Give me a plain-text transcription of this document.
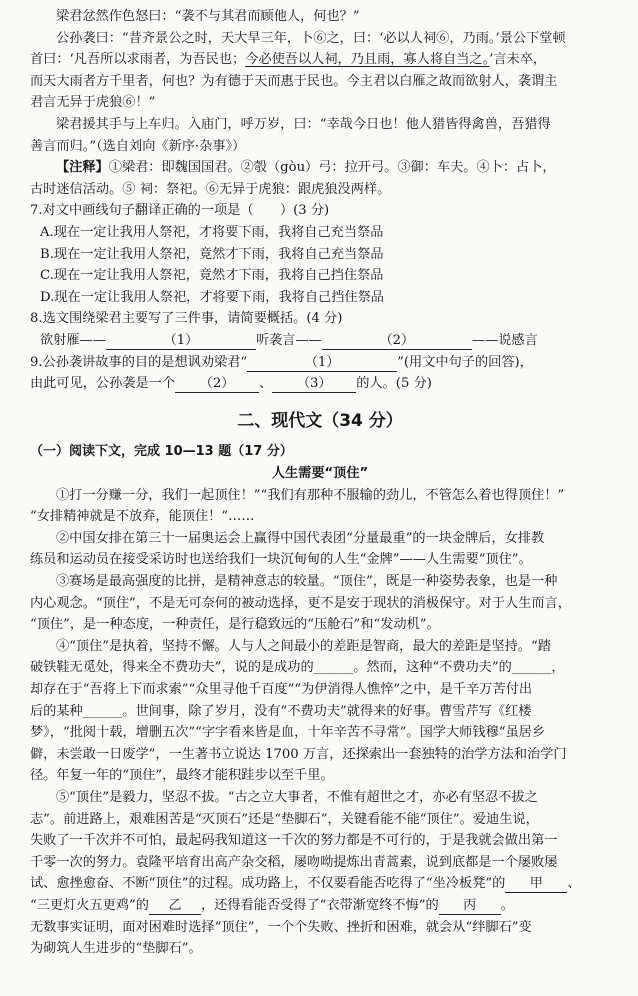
梁君忿然作色怒曰：“袭不与其君而顾他人，何也？”
公孙袭曰：“昔齐景公之时，天大旱三年，卜⑥之，曰：‘必以人祠⑥，乃雨。’景公下堂顿
首曰：‘凡吾所以求雨者，为吾民也；今必使吾以人祠，乃且雨，寡人将自当之。’言未卒，
而天大雨者方千里者，何也？为有德于天而惠于民也。今主君以白雁之故而欲射人，袭谓主
君言无异于虎狼⑥！”
梁君援其手与上车归。入庙门，呼万岁，曰：“幸哉今日也！他人猎皆得禽兽，吾猎得
善言而归。”（选自刘向《新序·杂事》）
【注释】①梁君：即魏国国君。②彀（gòu）弓：拉开弓。③御：车夫。④卜：占卜，
古时迷信活动。⑤ 祠：祭祀。⑥无异于虎狼：跟虎狼没两样。
7.对文中画线句子翻译正确的一项是（　　）(3 分)
A.现在一定让我用人祭祀，才将要下雨，我将自己充当祭品
B.现在一定让我用人祭祀，竟然才下雨，我将自己充当祭品
C.现在一定让我用人祭祀，竟然才下雨，我将自己挡住祭品
D.现在一定让我用人祭祀，才将要下雨，我将自己挡住祭品
8.选文围绕梁君主要写了三件事，请简要概括。(4 分)
欲射雁——	（1）	听袭言——	（2）	——说感言
9.公孙袭讲故事的目的是想讽劝梁君“	（1）	”(用文中句子的回答)，
由此可见，公孙袭是一个 （2） 、 （3） 的人。(5 分)
二、现代文（34 分）
（一）阅读下文，完成 10—13 题（17 分）
人生需要“顶住”
①打一分赚一分，我们一起顶住！”“我们有那种不服输的劲儿，不管怎么着也得顶住！”
“女排精神就是不放弃，能顶住！”……
②中国女排在第三十一届奥运会上赢得中国代表团“分量最重”的一块金牌后，女排教
练员和运动员在接受采访时也送给我们一块沉甸甸的人生“金牌”——人生需要“顶住”。
③赛场是最高强度的比拼，是精神意志的较量。“顶住”，既是一种姿势表象，也是一种
内心观念。“顶住”，不是无可奈何的被动选择，更不是安于现状的消极保守。对于人生而言，
“顶住”，是一种态度，一种责任，是行稳致远的“压舱石”和“发动机”。
④“顶住”是执着，坚持不懈。人与人之间最小的差距是智商，最大的差距是坚持。“踏
破铁鞋无觅处，得来全不费功夫”，说的是成功的______。然而，这种“不费功夫”的______，
却存在于“吾将上下而求索”“众里寻他千百度”“为伊消得人憔悴”之中，是千辛万苦付出
后的某种______。世间事，除了岁月，没有“不费功夫”就得来的好事。曹雪芹写《红楼
梦》，“批阅十载，增删五次”“字字看来皆是血，十年辛苦不寻常”。国学大师钱穆“虽居乡
僻，未尝敢一日废学”，一生著书立说达 1700 万言，还探索出一套独特的治学方法和治学门
径。年复一年的“顶住”，最终才能积跬步以至千里。
⑤“顶住”是毅力，坚忍不拔。“古之立大事者，不惟有超世之才，亦必有坚忍不拔之
志”。前进路上，艰难困苦是“灭顶石”还是“垫脚石”，关键看能不能“顶住”。爱迪生说，
失败了一千次并不可怕，最起码我知道这一千次的努力都是不可行的，于是我就会做出第一
千零一次的努力。袁隆平培育出高产杂交稻，屡吻呦提炼出青蒿素，说到底都是一个屡败屡
试、愈挫愈奋、不断“顶住”的过程。成功路上，不仅要看能否吃得了“坐冷板凳”的 甲 、
“三更灯火五更鸡”的 乙 ，还得看能否受得了“衣带渐宽终不悔”的 丙 。
无数事实证明，面对困难时选择“顶住”，一个个失败、挫折和困难，就会从“绊脚石”变
为砌筑人生进步的“垫脚石”。
